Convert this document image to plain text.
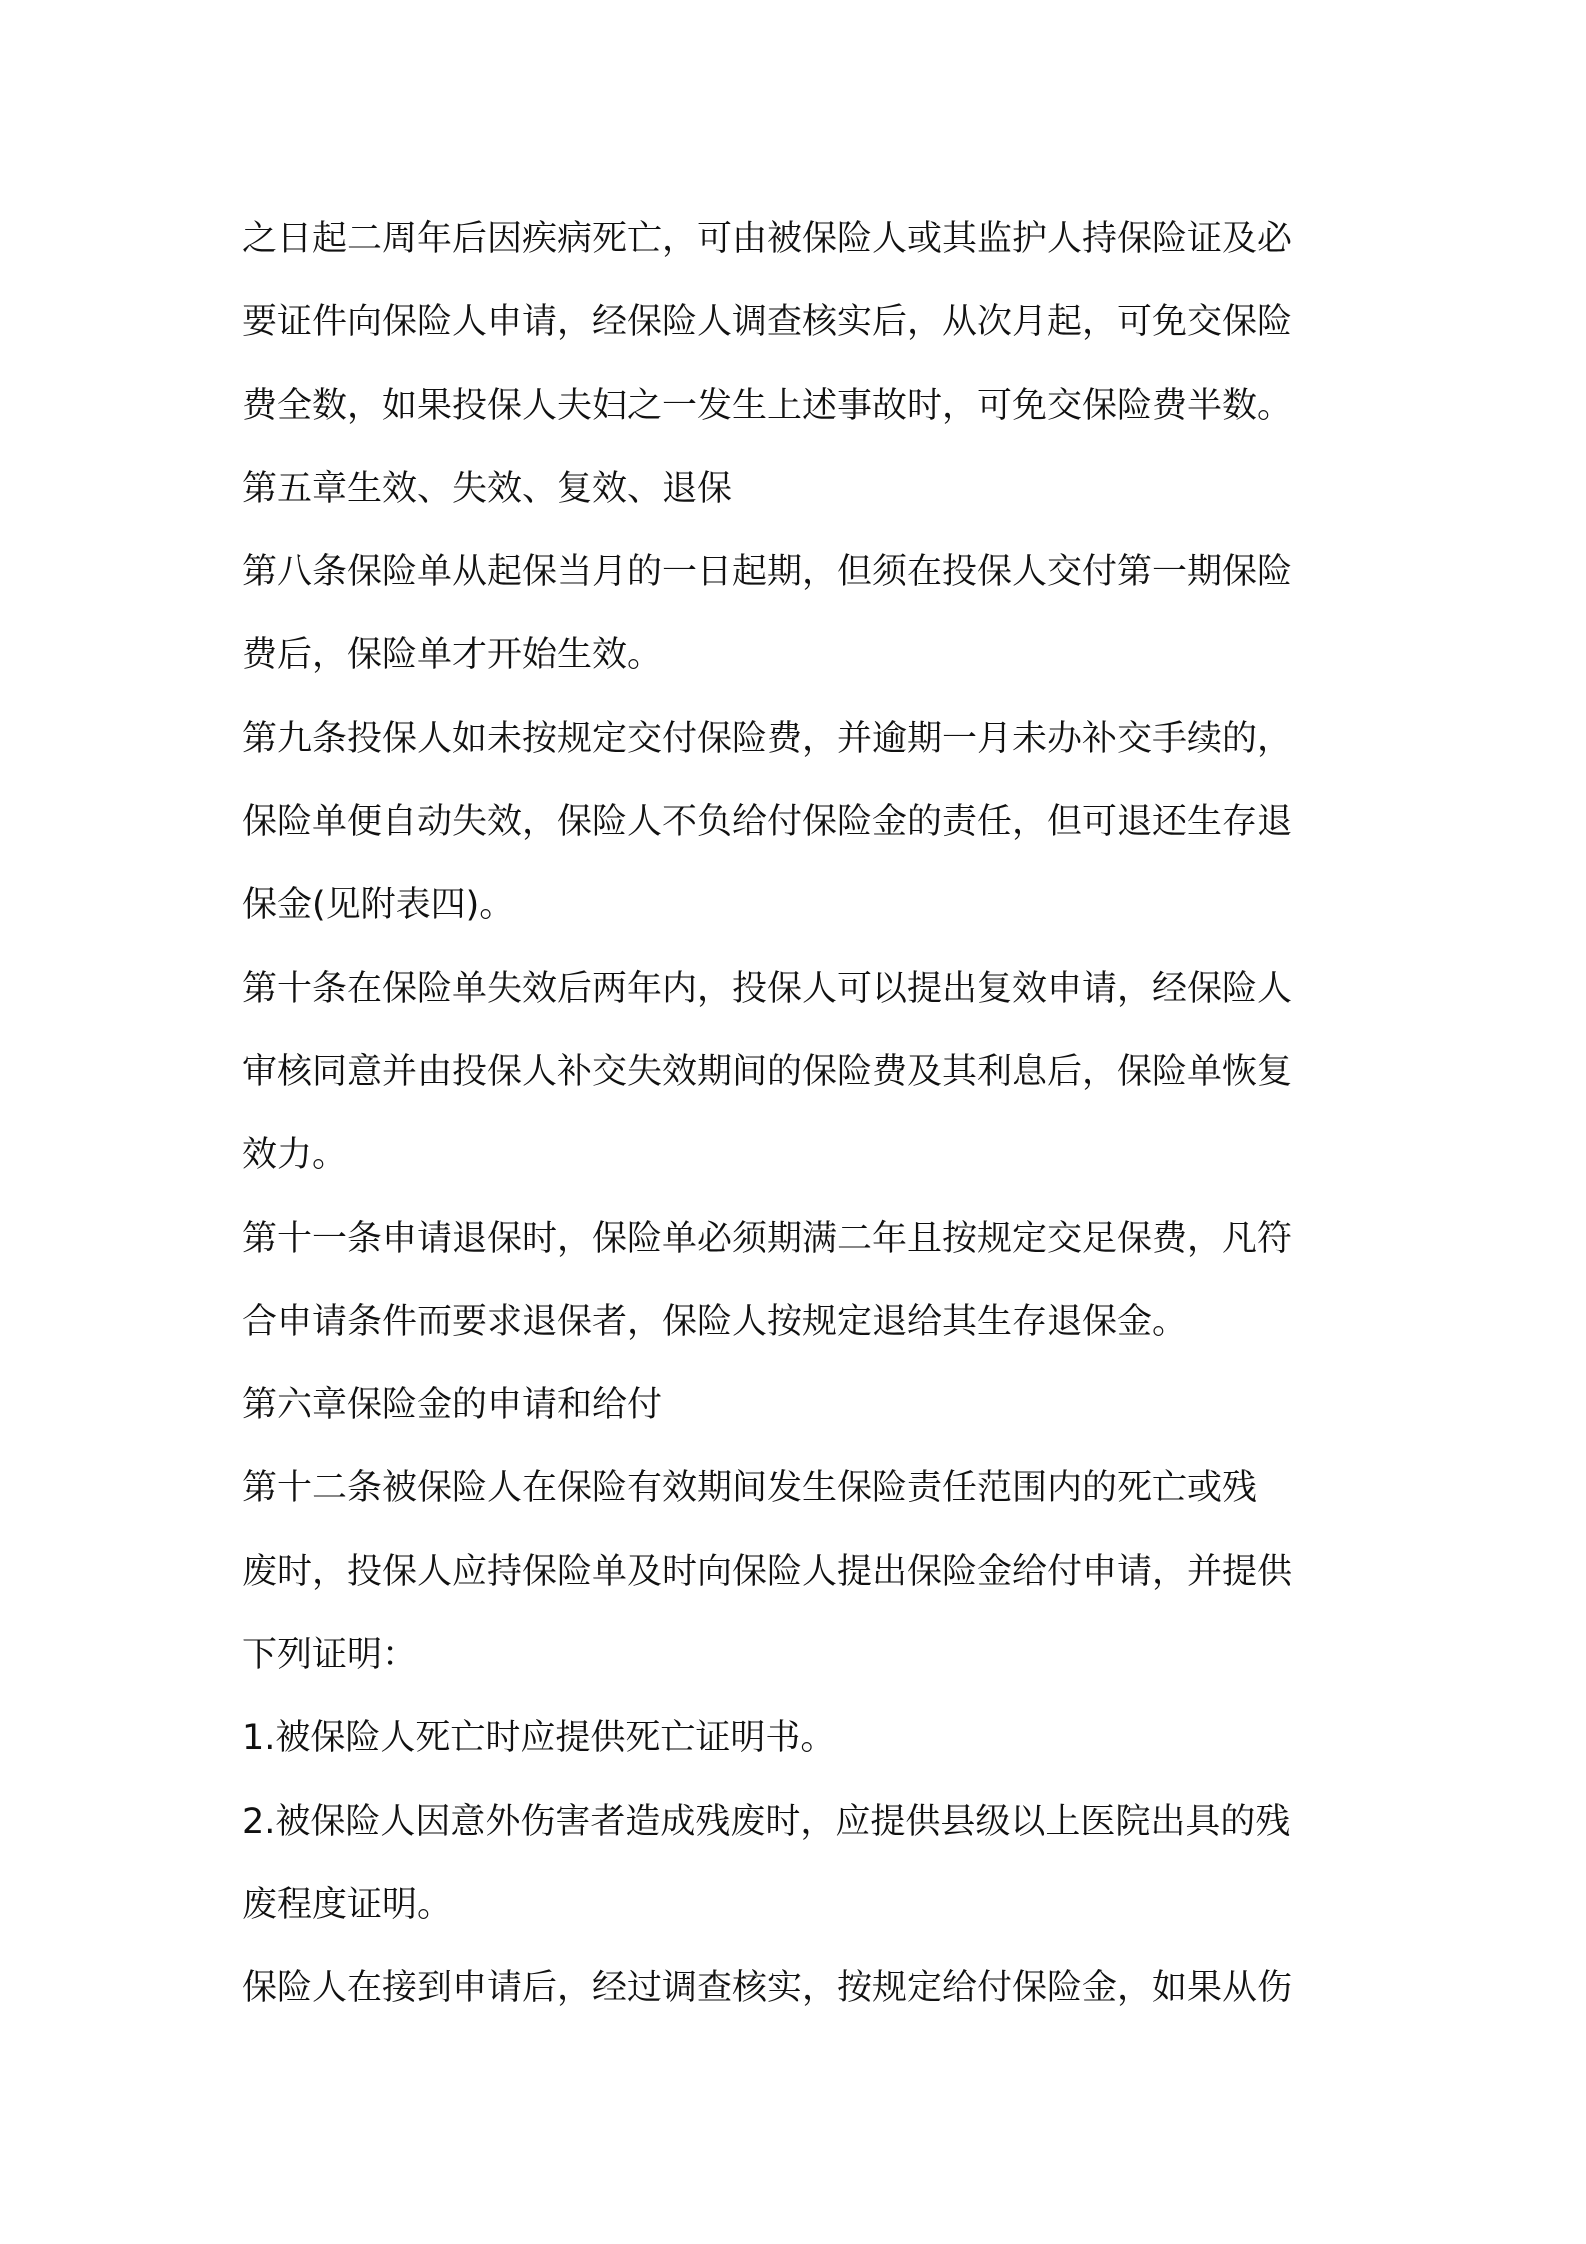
之日起二周年后因疾病死亡，可由被保险人或其监护人持保险证及必
要证件向保险人申请，经保险人调查核实后，从次月起，可免交保险
费全数，如果投保人夫妇之一发生上述事故时，可免交保险费半数。
第五章生效、失效、复效、退保
第八条保险单从起保当月的一日起期，但须在投保人交付第一期保险
费后，保险单才开始生效。
第九条投保人如未按规定交付保险费，并逾期一月未办补交手续的，
保险单便自动失效，保险人不负给付保险金的责任，但可退还生存退
保金(见附表四)。
第十条在保险单失效后两年内，投保人可以提出复效申请，经保险人
审核同意并由投保人补交失效期间的保险费及其利息后，保险单恢复
效力。
第十一条申请退保时，保险单必须期满二年且按规定交足保费，凡符
合申请条件而要求退保者，保险人按规定退给其生存退保金。
第六章保险金的申请和给付
第十二条被保险人在保险有效期间发生保险责任范围内的死亡或残
废时，投保人应持保险单及时向保险人提出保险金给付申请，并提供
下列证明：
1.被保险人死亡时应提供死亡证明书。
2.被保险人因意外伤害者造成残废时，应提供县级以上医院出具的残
废程度证明。
保险人在接到申请后，经过调查核实，按规定给付保险金，如果从伤
